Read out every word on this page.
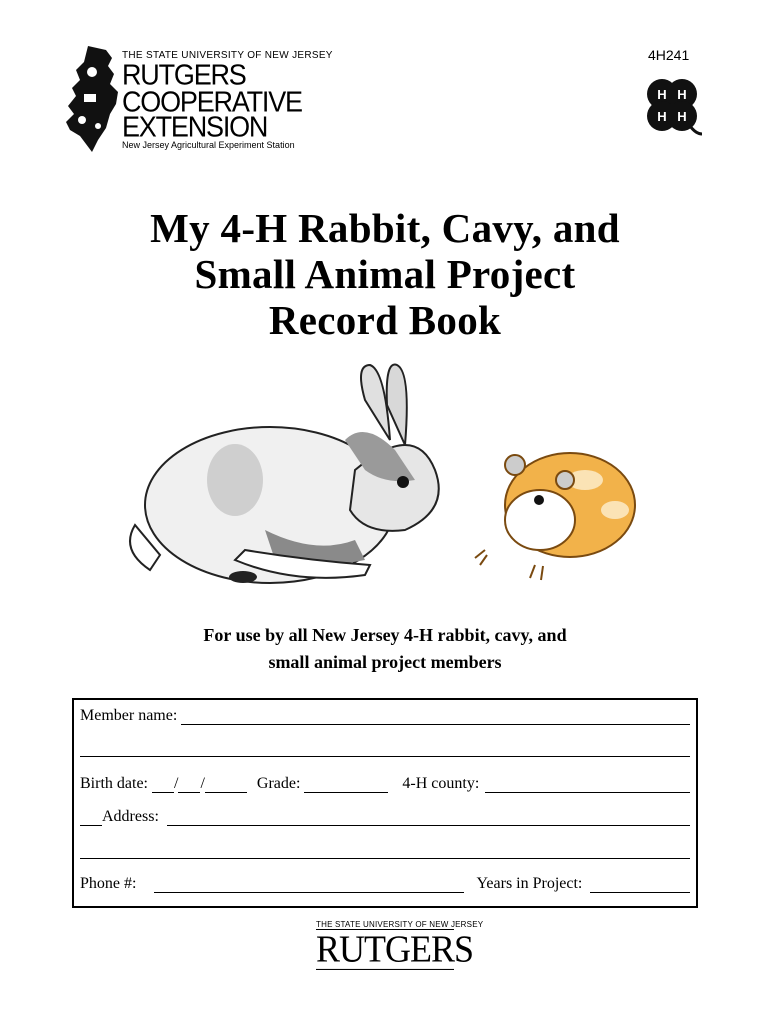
4H241
THE STATE UNIVERSITY OF NEW JERSEY
RUTGERS
COOPERATIVE
EXTENSION
New Jersey Agricultural Experiment Station
H H
H H
My 4-H Rabbit, Cavy, and
Small Animal Project
Record Book
For use by all New Jersey 4-H rabbit, cavy, and
small animal project members
Member name:
Birth date: / /	Grade:	4-H county:
Address:
Phone #:	Years in Project:
THE STATE UNIVERSITY OF NEW JERSEY
RUTGERS
